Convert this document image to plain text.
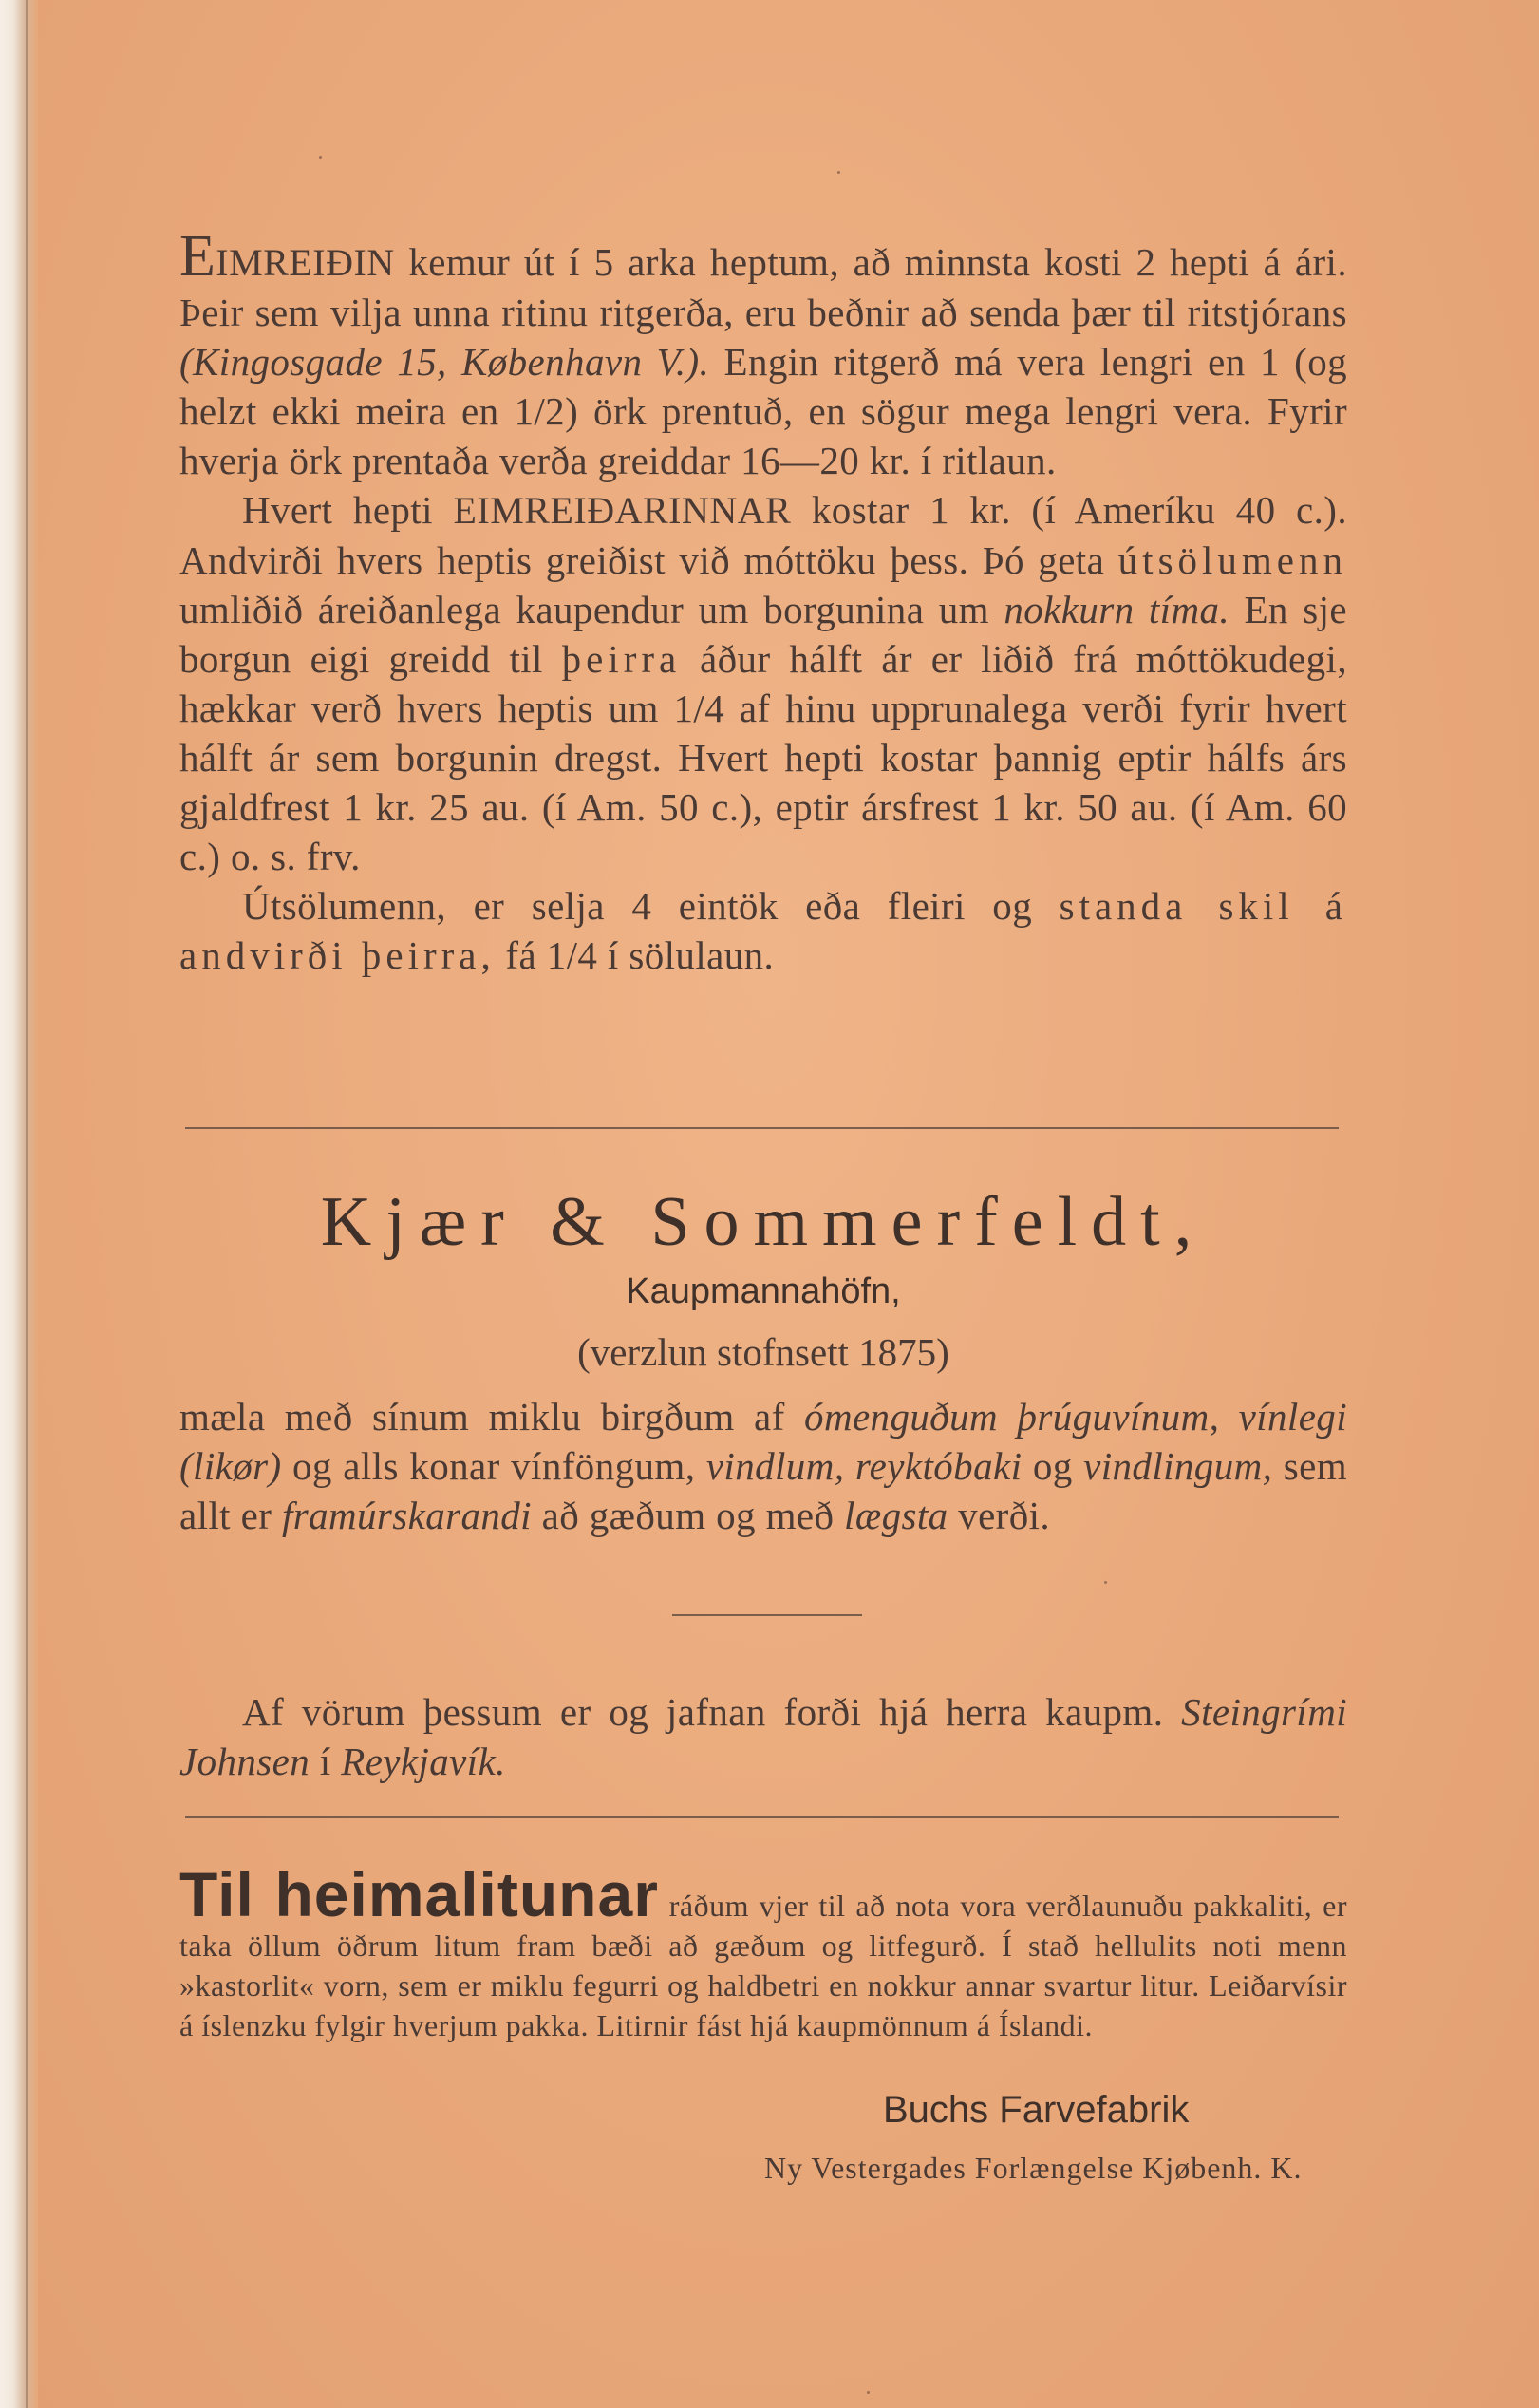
EIMREIÐIN kemur út í 5 arka heptum, að minnsta kosti 2 hepti á ári. Þeir sem vilja unna ritinu ritgerða, eru beðnir að senda þær til ritstjórans (Kingosgade 15, København V.). Engin ritgerð má vera lengri en 1 (og helzt ekki meira en 1/2) örk prentuð, en sögur mega lengri vera. Fyrir hverja örk prentaða verða greiddar 16—20 kr. í ritlaun.

Hvert hepti EIMREIÐARINNAR kostar 1 kr. (í Ameríku 40 c.). Andvirði hvers heptis greiðist við móttöku þess. Þó geta útsölumenn umliðið áreiðanlega kaupendur um borgunina um nokkurn tíma. En sje borgun eigi greidd til þeirra áður hálft ár er liðið frá móttökudegi, hækkar verð hvers heptis um 1/4 af hinu upprunalega verði fyrir hvert hálft ár sem borgunin dregst. Hvert hepti kostar þannig eptir hálfs árs gjaldfrest 1 kr. 25 au. (í Am. 50 c.), eptir ársfrest 1 kr. 50 au. (í Am. 60 c.) o. s. frv.

Útsölumenn, er selja 4 eintök eða fleiri og standa skil á andvirði þeirra, fá 1/4 í sölulaun.

Kjær & Sommerfeldt,
Kaupmannahöfn,
(verzlun stofnsett 1875)

mæla með sínum miklu birgðum af ómenguðum þrúguvínum, vínlegi (likør) og alls konar vínföngum, vindlum, reyktóbaki og vindlingum, sem allt er framúrskarandi að gæðum og með lægsta verði.

Af vörum þessum er og jafnan forði hjá herra kaupm. Steingrími Johnsen í Reykjavík.

Til heimalitunar ráðum vjer til að nota vora verðlaunuðu pakkaliti, er taka öllum öðrum litum fram bæði að gæðum og litfegurð. Í stað hellulits noti menn »kastorlit« vorn, sem er miklu fegurri og haldbetri en nokkur annar svartur litur. Leiðarvísir á íslenzku fylgir hverjum pakka. Litirnir fást hjá kaupmönnum á Íslandi.

Buchs Farvefabrik
Ny Vestergades Forlængelse Kjøbenh. K.
